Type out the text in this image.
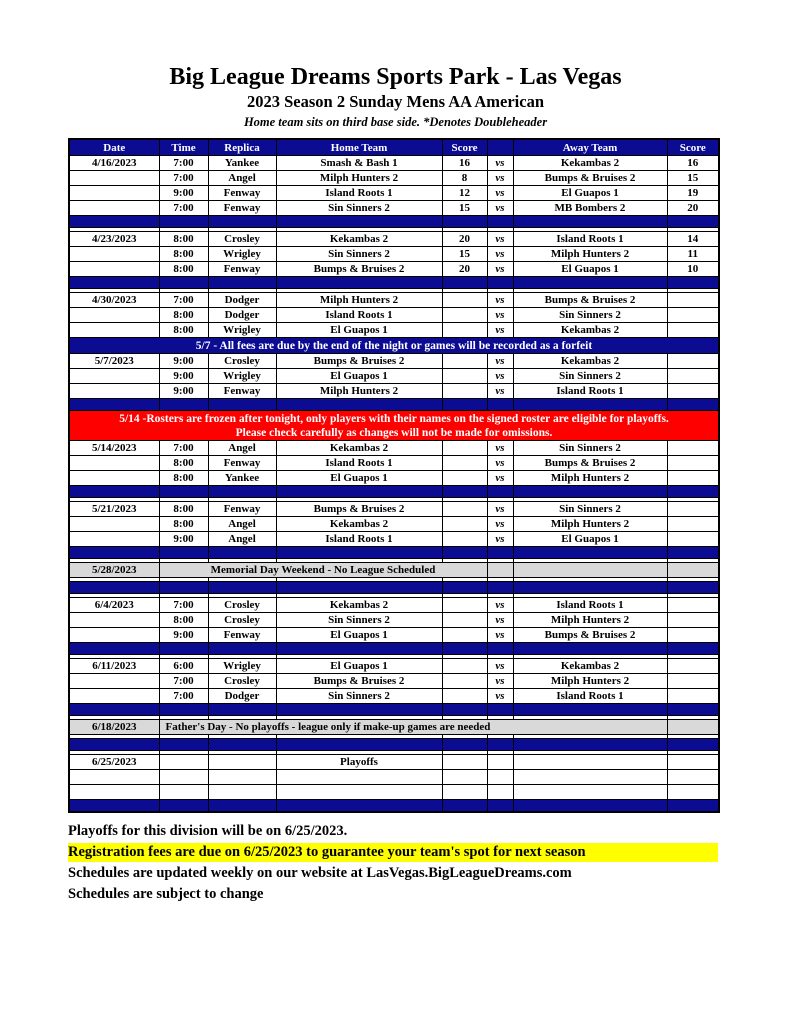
Big League Dreams Sports Park - Las Vegas
2023 Season 2 Sunday Mens AA American
Home team sits on third base side. *Denotes Doubleheader
Date	Time	Replica	Home Team	Score		Away Team	Score
4/16/2023	7:00	Yankee	Smash & Bash 1	16	vs	Kekambas 2	16
	7:00	Angel	Milph Hunters 2	8	vs	Bumps & Bruises 2	15
	9:00	Fenway	Island Roots 1	12	vs	El Guapos 1	19
	7:00	Fenway	Sin Sinners 2	15	vs	MB Bombers 2	20

4/23/2023	8:00	Crosley	Kekambas 2	20	vs	Island Roots 1	14
	8:00	Wrigley	Sin Sinners 2	15	vs	Milph Hunters 2	11
	8:00	Fenway	Bumps & Bruises 2	20	vs	El Guapos 1	10

4/30/2023	7:00	Dodger	Milph Hunters 2		vs	Bumps & Bruises 2	
	8:00	Dodger	Island Roots 1		vs	Sin Sinners 2	
	8:00	Wrigley	El Guapos 1		vs	Kekambas 2	
5/7 - All fees are due by the end of the night or games will be recorded as a forfeit							
5/7/2023	9:00	Crosley	Bumps & Bruises 2		vs	Kekambas 2	
	9:00	Wrigley	El Guapos 1		vs	Sin Sinners 2	
	9:00	Fenway	Milph Hunters 2		vs	Island Roots 1	

5/14 -Rosters are frozen after tonight, only players with their names on the signed roster are eligible for playoffs.
Please check carefully as changes will not be made for omissions.							

5/14/2023	7:00	Angel	Kekambas 2		vs	Sin Sinners 2	
	8:00	Fenway	Island Roots 1		vs	Bumps & Bruises 2	
	8:00	Yankee	El Guapos 1		vs	Milph Hunters 2	

5/21/2023	8:00	Fenway	Bumps & Bruises 2		vs	Sin Sinners 2	
	8:00	Angel	Kekambas 2		vs	Milph Hunters 2	
	9:00	Angel	Island Roots 1		vs	El Guapos 1	

5/28/2023	Memorial Day Weekend - No League Scheduled						

6/4/2023	7:00	Crosley	Kekambas 2		vs	Island Roots 1	
	8:00	Crosley	Sin Sinners 2		vs	Milph Hunters 2	
	9:00	Fenway	El Guapos 1		vs	Bumps & Bruises 2	

6/11/2023	6:00	Wrigley	El Guapos 1		vs	Kekambas 2	
	7:00	Crosley	Bumps & Bruises 2		vs	Milph Hunters 2	
	7:00	Dodger	Sin Sinners 2		vs	Island Roots 1	

6/18/2023	Father's Day - No playoffs - league only if make-up games are needed						

6/25/2023			Playoffs				

Playoffs for this division will be on 6/25/2023.
Registration fees are due on 6/25/2023 to guarantee your team's spot for next season
Schedules are updated weekly on our website at LasVegas.BigLeagueDreams.com
Schedules are subject to change
